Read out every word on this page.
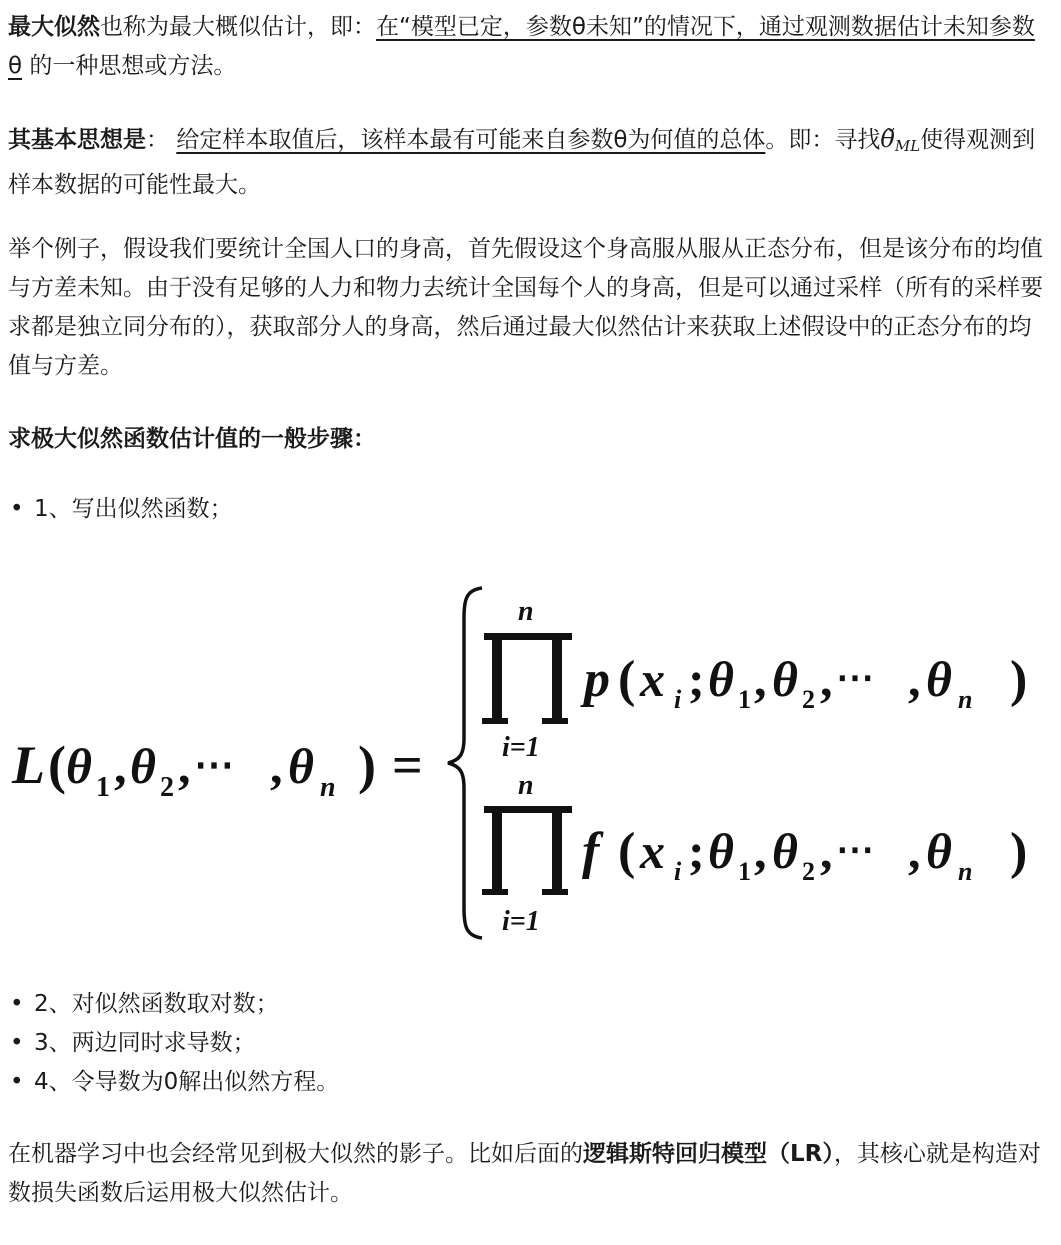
最大似然也称为最大概似估计，即：在“模型已定，参数θ未知”的情况下，通过观测数据估计未知参数θ 的一种思想或方法。

其基本思想是： 给定样本取值后，该样本最有可能来自参数θ为何值的总体。即：寻找$\thetã_{ML}$使得观测到样本数据的可能性最大。

举个例子，假设我们要统计全国人口的身高，首先假设这个身高服从服从正态分布，但是该分布的均值与方差未知。由于没有足够的人力和物力去统计全国每个人的身高，但是可以通过采样（所有的采样要求都是独立同分布的），获取部分人的身高，然后通过最大似然估计来获取上述假设中的正态分布的均值与方差。

求极大似然函数估计值的一般步骤：

• 1、写出似然函数；
L ( θ 1 , θ 2 , ⋯ , θ n ) =
n
i=1
p ( x i ; θ 1 , θ 2 , ⋯ , θ n )
n
i=1
f ( x i ; θ 1 , θ 2 , ⋯ , θ n )
• 2、对似然函数取对数；
• 3、两边同时求导数；
• 4、令导数为0解出似然方程。

在机器学习中也会经常见到极大似然的影子。比如后面的逻辑斯特回归模型（LR），其核心就是构造对数损失函数后运用极大似然估计。
